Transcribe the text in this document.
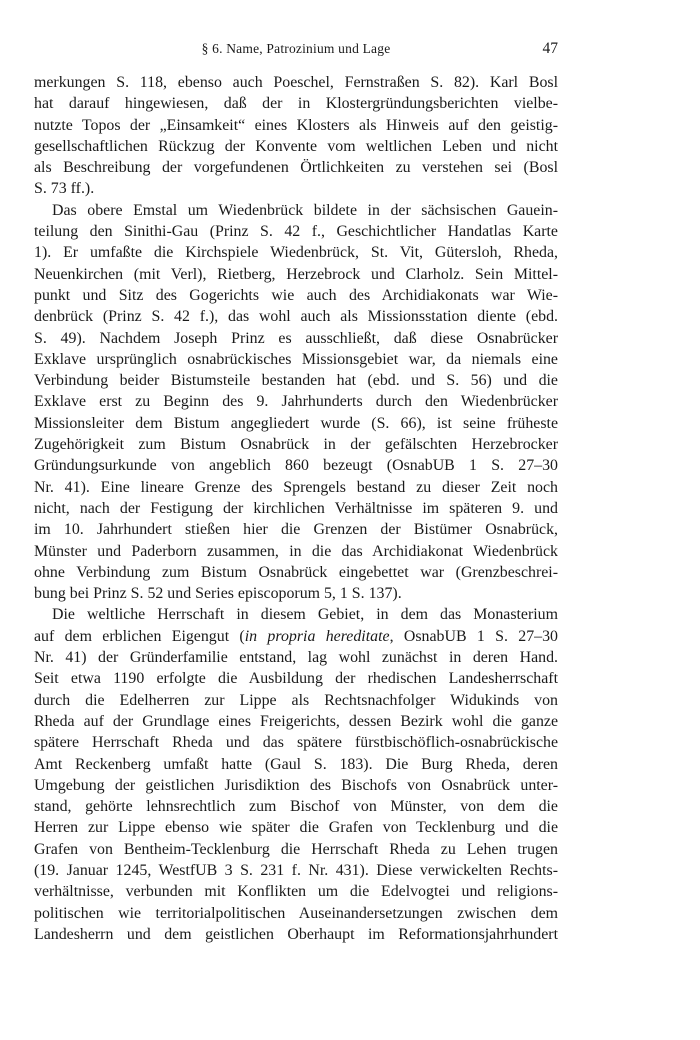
§ 6. Name, Patrozinium und Lage	47
merkungen S. 118, ebenso auch Poeschel, Fernstraßen S. 82). Karl Bosl
hat darauf hingewiesen, daß der in Klostergründungsberichten vielbe-
nutzte Topos der „Einsamkeit“ eines Klosters als Hinweis auf den geistig-
gesellschaftlichen Rückzug der Konvente vom weltlichen Leben und nicht
als Beschreibung der vorgefundenen Örtlichkeiten zu verstehen sei (Bosl
S. 73 ff.).
Das obere Emstal um Wiedenbrück bildete in der sächsischen Gauein-
teilung den Sinithi-Gau (Prinz S. 42 f., Geschichtlicher Handatlas Karte
1). Er umfaßte die Kirchspiele Wiedenbrück, St. Vit, Gütersloh, Rheda,
Neuenkirchen (mit Verl), Rietberg, Herzebrock und Clarholz. Sein Mittel-
punkt und Sitz des Gogerichts wie auch des Archidiakonats war Wie-
denbrück (Prinz S. 42 f.), das wohl auch als Missionsstation diente (ebd.
S. 49). Nachdem Joseph Prinz es ausschließt, daß diese Osnabrücker
Exklave ursprünglich osnabrückisches Missionsgebiet war, da niemals eine
Verbindung beider Bistumsteile bestanden hat (ebd. und S. 56) und die
Exklave erst zu Beginn des 9. Jahrhunderts durch den Wiedenbrücker
Missionsleiter dem Bistum angegliedert wurde (S. 66), ist seine früheste
Zugehörigkeit zum Bistum Osnabrück in der gefälschten Herzebrocker
Gründungsurkunde von angeblich 860 bezeugt (OsnabUB 1 S. 27–30
Nr. 41). Eine lineare Grenze des Sprengels bestand zu dieser Zeit noch
nicht, nach der Festigung der kirchlichen Verhältnisse im späteren 9. und
im 10. Jahrhundert stießen hier die Grenzen der Bistümer Osnabrück,
Münster und Paderborn zusammen, in die das Archidiakonat Wiedenbrück
ohne Verbindung zum Bistum Osnabrück eingebettet war (Grenzbeschrei-
bung bei Prinz S. 52 und Series episcoporum 5, 1 S. 137).
Die weltliche Herrschaft in diesem Gebiet, in dem das Monasterium
auf dem erblichen Eigengut (in propria hereditate, OsnabUB 1 S. 27–30
Nr. 41) der Gründerfamilie entstand, lag wohl zunächst in deren Hand.
Seit etwa 1190 erfolgte die Ausbildung der rhedischen Landesherrschaft
durch die Edelherren zur Lippe als Rechtsnachfolger Widukinds von
Rheda auf der Grundlage eines Freigerichts, dessen Bezirk wohl die ganze
spätere Herrschaft Rheda und das spätere fürstbischöflich-osnabrückische
Amt Reckenberg umfaßt hatte (Gaul S. 183). Die Burg Rheda, deren
Umgebung der geistlichen Jurisdiktion des Bischofs von Osnabrück unter-
stand, gehörte lehnsrechtlich zum Bischof von Münster, von dem die
Herren zur Lippe ebenso wie später die Grafen von Tecklenburg und die
Grafen von Bentheim-Tecklenburg die Herrschaft Rheda zu Lehen trugen
(19. Januar 1245, WestfUB 3 S. 231 f. Nr. 431). Diese verwickelten Rechts-
verhältnisse, verbunden mit Konflikten um die Edelvogtei und religions-
politischen wie territorialpolitischen Auseinandersetzungen zwischen dem
Landesherrn und dem geistlichen Oberhaupt im Reformationsjahrhundert
